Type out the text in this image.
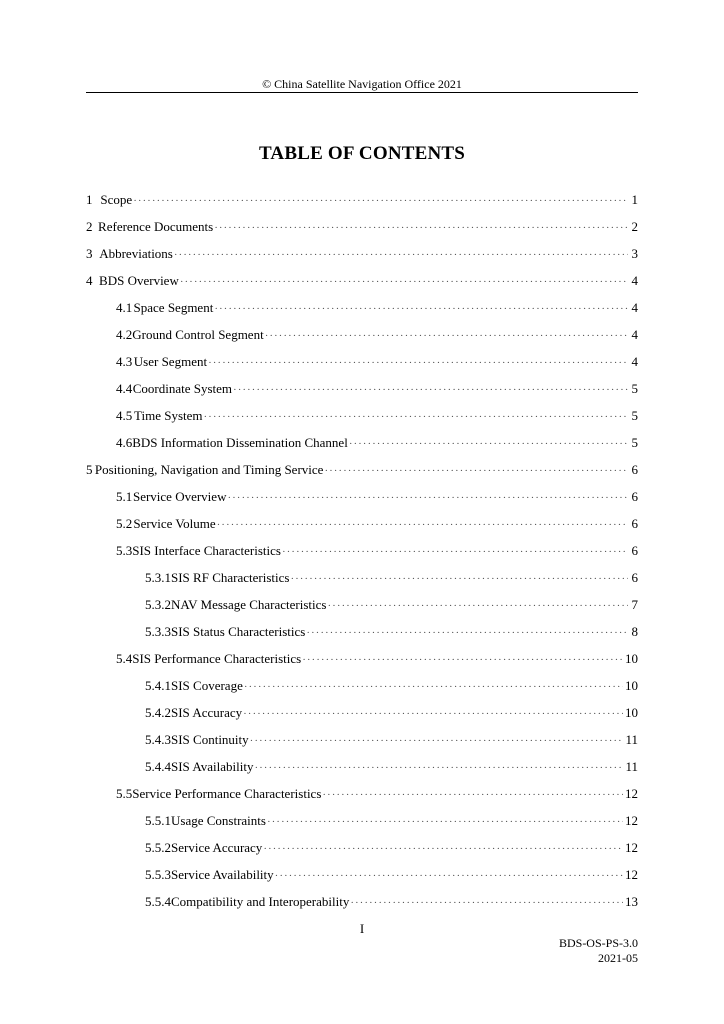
© China Satellite Navigation Office 2021
TABLE OF CONTENTS
1 Scope ·····	1
2 Reference Documents ·····	2
3 Abbreviations ·····	3
4 BDS Overview ·····	4
4.1 Space Segment ·····	4
4.2 Ground Control Segment ·····	4
4.3 User Segment ·····	4
4.4 Coordinate System ·····	5
4.5 Time System ·····	5
4.6 BDS Information Dissemination Channel ·····	5
5 Positioning, Navigation and Timing Service ·····	6
5.1 Service Overview ·····	6
5.2 Service Volume ·····	6
5.3 SIS Interface Characteristics ·····	6
5.3.1 SIS RF Characteristics ·····	6
5.3.2 NAV Message Characteristics ·····	7
5.3.3 SIS Status Characteristics ·····	8
5.4 SIS Performance Characteristics ·····	10
5.4.1 SIS Coverage ·····	10
5.4.2 SIS Accuracy ·····	10
5.4.3 SIS Continuity ·····	11
5.4.4 SIS Availability ·····	11
5.5 Service Performance Characteristics ·····	12
5.5.1 Usage Constraints ·····	12
5.5.2 Service Accuracy ·····	12
5.5.3 Service Availability ·····	12
5.5.4 Compatibility and Interoperability ·····	13
I
BDS-OS-PS-3.0
2021-05
